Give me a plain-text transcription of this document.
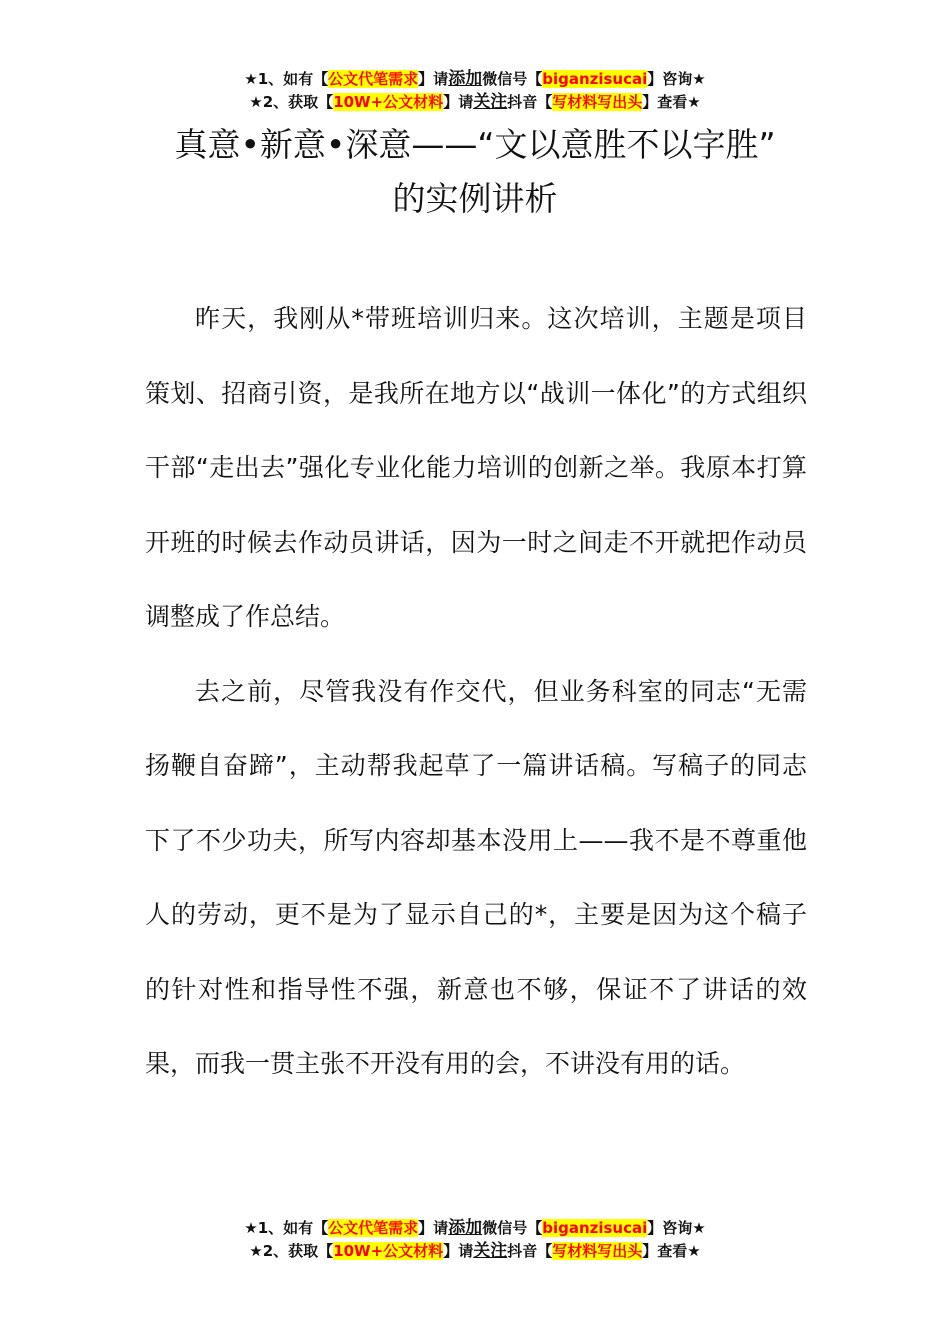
★1、如有【公文代笔需求】请添加微信号【biganzisucai】咨询★
★2、获取【10W+公文材料】请关注抖音【写材料写出头】查看★
真意•新意•深意——“文以意胜不以字胜”
的实例讲析

昨天，我刚从*带班培训归来。这次培训，主题是项目策划、招商引资，是我所在地方以“战训一体化”的方式组织干部“走出去”强化专业化能力培训的创新之举。我原本打算开班的时候去作动员讲话，因为一时之间走不开就把作动员调整成了作总结。

去之前，尽管我没有作交代，但业务科室的同志“无需扬鞭自奋蹄”，主动帮我起草了一篇讲话稿。写稿子的同志下了不少功夫，所写内容却基本没用上——我不是不尊重他人的劳动，更不是为了显示自己的*，主要是因为这个稿子的针对性和指导性不强，新意也不够，保证不了讲话的效果，而我一贯主张不开没有用的会，不讲没有用的话。

★1、如有【公文代笔需求】请添加微信号【biganzisucai】咨询★
★2、获取【10W+公文材料】请关注抖音【写材料写出头】查看★
